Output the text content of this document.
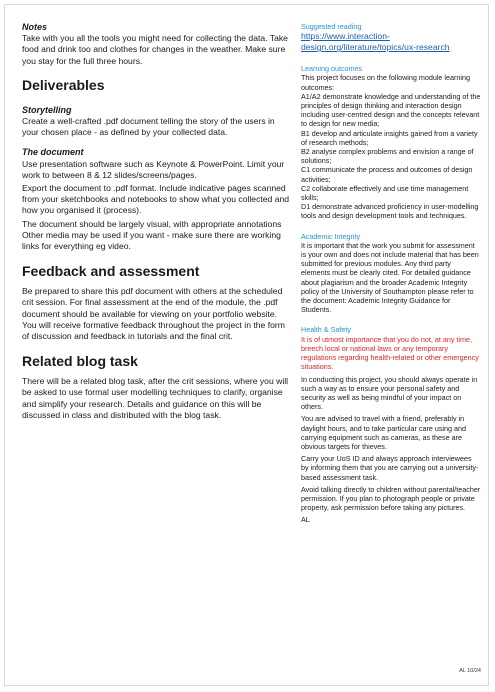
Notes

Take with you all the tools you might need for collecting the data. Take food and drink too and clothes for changes in the weather. Make sure you stay for the full three hours.

Deliverables

Storytelling

Create a well-crafted .pdf document telling the story of the users in your chosen place - as defined by your collected data.

The document

Use presentation software such as Keynote & PowerPoint. Limit your work to between 8 & 12 slides/screens/pages.

Export the document to .pdf format. Include indicative pages scanned from your sketchbooks and notebooks to show what you collected and how you organised it (process).

The document should be largely visual, with appropriate annotations Other media may be used if you want - make sure there are working links for everything eg video.

Feedback and assessment

Be prepared to share this pdf document with others at the scheduled crit session. For final assessment at the end of the module, the .pdf document should be available for viewing on your portfolio website. You will receive formative feedback throughout the project in the form of discussion and feedback in tutorials and the final crit.

Related blog task

There will be a related blog task, after the crit sessions, where you will be asked to use formal user modelling techniques to clarify, organise and simplify your research. Details and guidance on this will be discussed in class and distributed with the blog task.

Suggested reading

https://www.interaction-design.org/literature/topics/ux-research

Learning outcomes

This project focuses on the following module learning outcomes:

A1/A2 demonstrate knowledge and understanding of the principles of design thinking and interaction design including user-centred design and the concepts relevant to design for new media;

B1 develop and articulate insights gained from a variety of research methods;

B2 analyse complex problems and envision a range of solutions;

C1 communicate the process and outcomes of design activities;

C2 collaborate effectively and use time management skills;

D1 demonstrate advanced proficiency in user-modelling tools and design development tools and techniques.

Academic Integrity

It is important that the work you submit for assessment is your own and does not include material that has been submitted for previous modules. Any third party elements must be clearly cited. For detailed guidance about plagiarism and the broader Academic Integrity policy of the University of Southampton please refer to the document: Academic Integrity Guidance for Students.

Health & Safety

It is of utmost importance that you do not, at any time, breech local or national laws or any temporary regulations regarding health-related or other emergency situations.

In conducting this project, you should always operate in such a way as to ensure your personal safety and security as well as being mindful of your impact on others.

You are advised to travel with a friend, preferably in daylight hours, and to take particular care using and carrying equipment such as cameras, as these are obvious targets for thieves.

Carry your UoS ID and always approach interviewees by informing them that you are carrying out a university-based assessment task.

Avoid talking directly to children without parental/teacher permission. If you plan to photograph people or private property, ask permission before taking any pictures.

AL

AL 10/24
